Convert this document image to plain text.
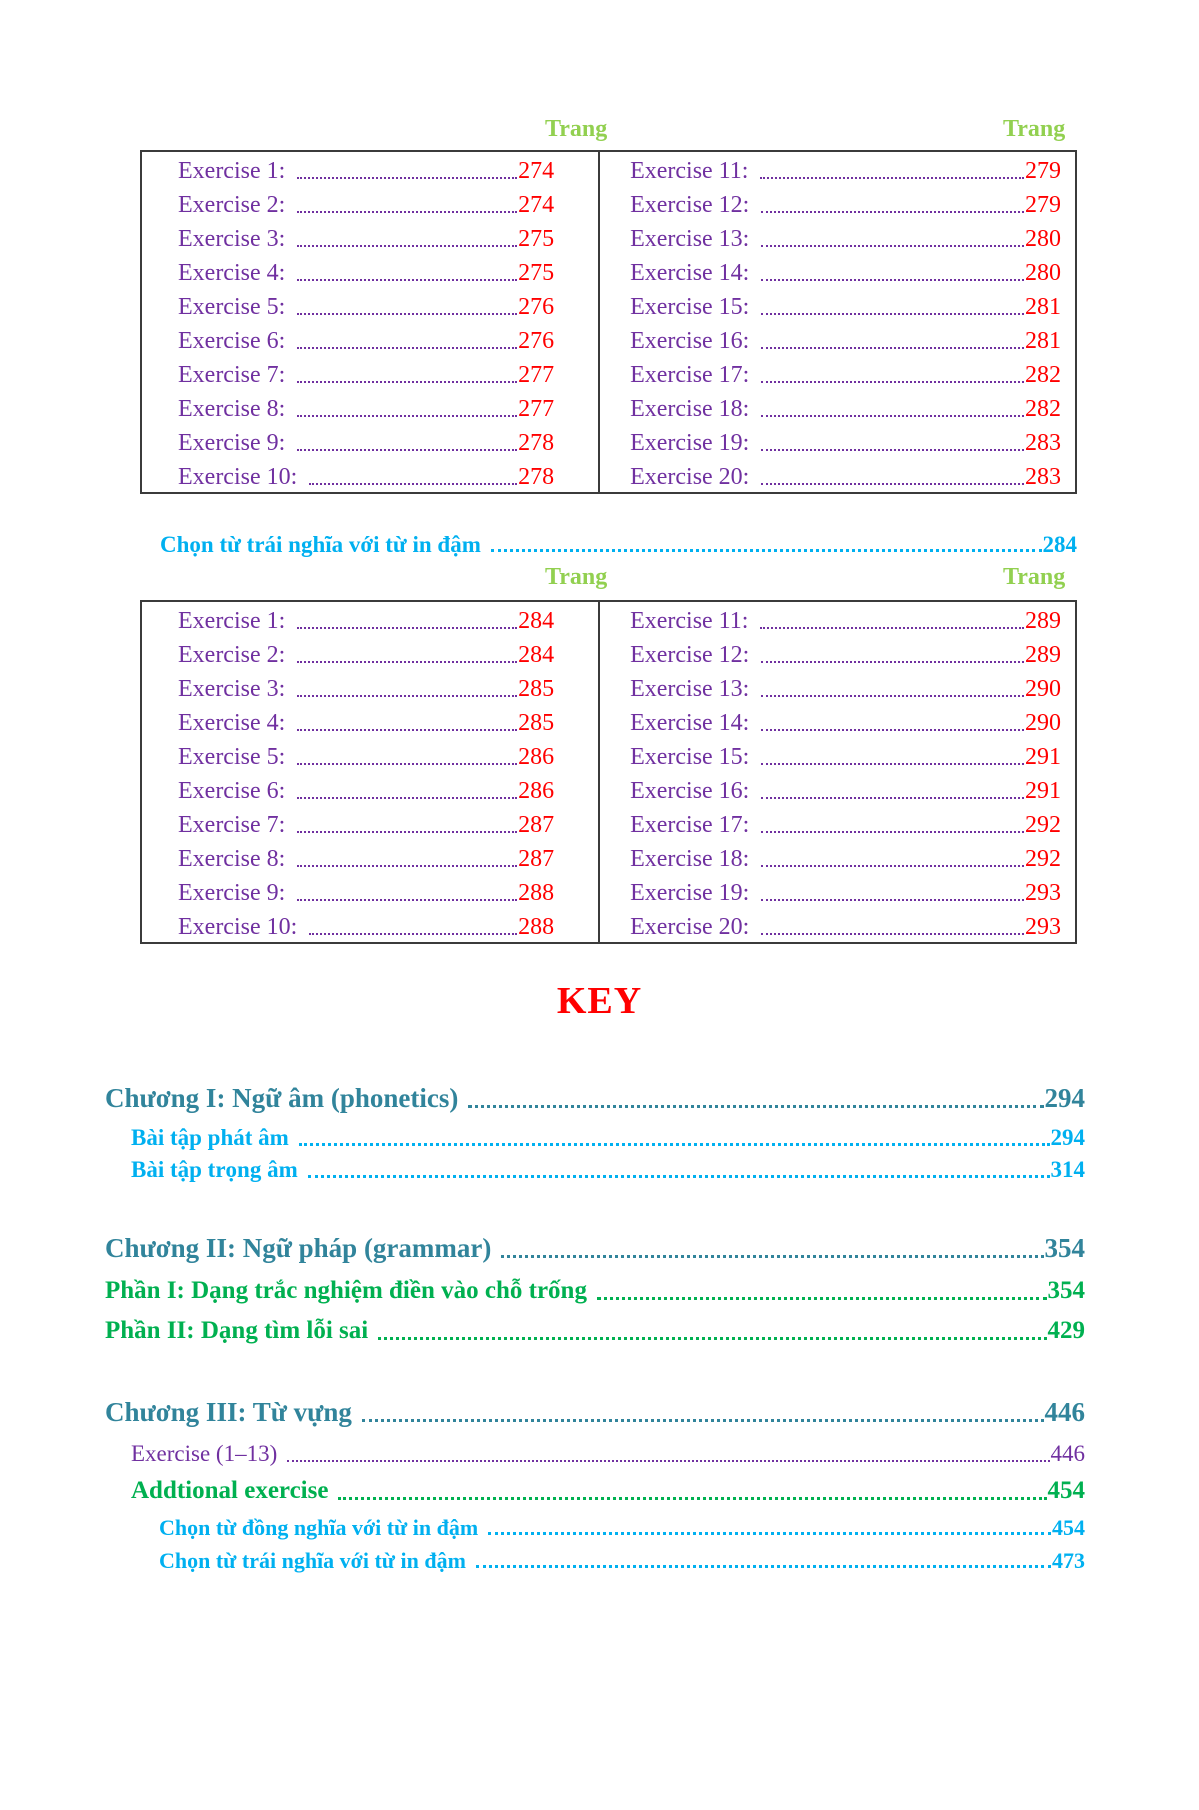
Trang	Trang
Exercise 1:	274
Exercise 2:	274
Exercise 3:	275
Exercise 4:	275
Exercise 5:	276
Exercise 6:	276
Exercise 7:	277
Exercise 8:	277
Exercise 9:	278
Exercise 10:	278
Exercise 11:	279
Exercise 12:	279
Exercise 13:	280
Exercise 14:	280
Exercise 15:	281
Exercise 16:	281
Exercise 17:	282
Exercise 18:	282
Exercise 19:	283
Exercise 20:	283
Chọn từ trái nghĩa với từ in đậm	284
Trang	Trang
Exercise 1:	284
Exercise 2:	284
Exercise 3:	285
Exercise 4:	285
Exercise 5:	286
Exercise 6:	286
Exercise 7:	287
Exercise 8:	287
Exercise 9:	288
Exercise 10:	288
Exercise 11:	289
Exercise 12:	289
Exercise 13:	290
Exercise 14:	290
Exercise 15:	291
Exercise 16:	291
Exercise 17:	292
Exercise 18:	292
Exercise 19:	293
Exercise 20:	293
KEY
Chương I: Ngữ âm (phonetics)	294
Bài tập phát âm	294
Bài tập trọng âm	314
Chương II: Ngữ pháp (grammar)	354
Phần I: Dạng trắc nghiệm điền vào chỗ trống	354
Phần II: Dạng tìm lỗi sai	429
Chương III: Từ vựng	446
Exercise (1–13)	446
Addtional exercise	454
Chọn từ đồng nghĩa với từ in đậm	454
Chọn từ trái nghĩa với từ in đậm	473
